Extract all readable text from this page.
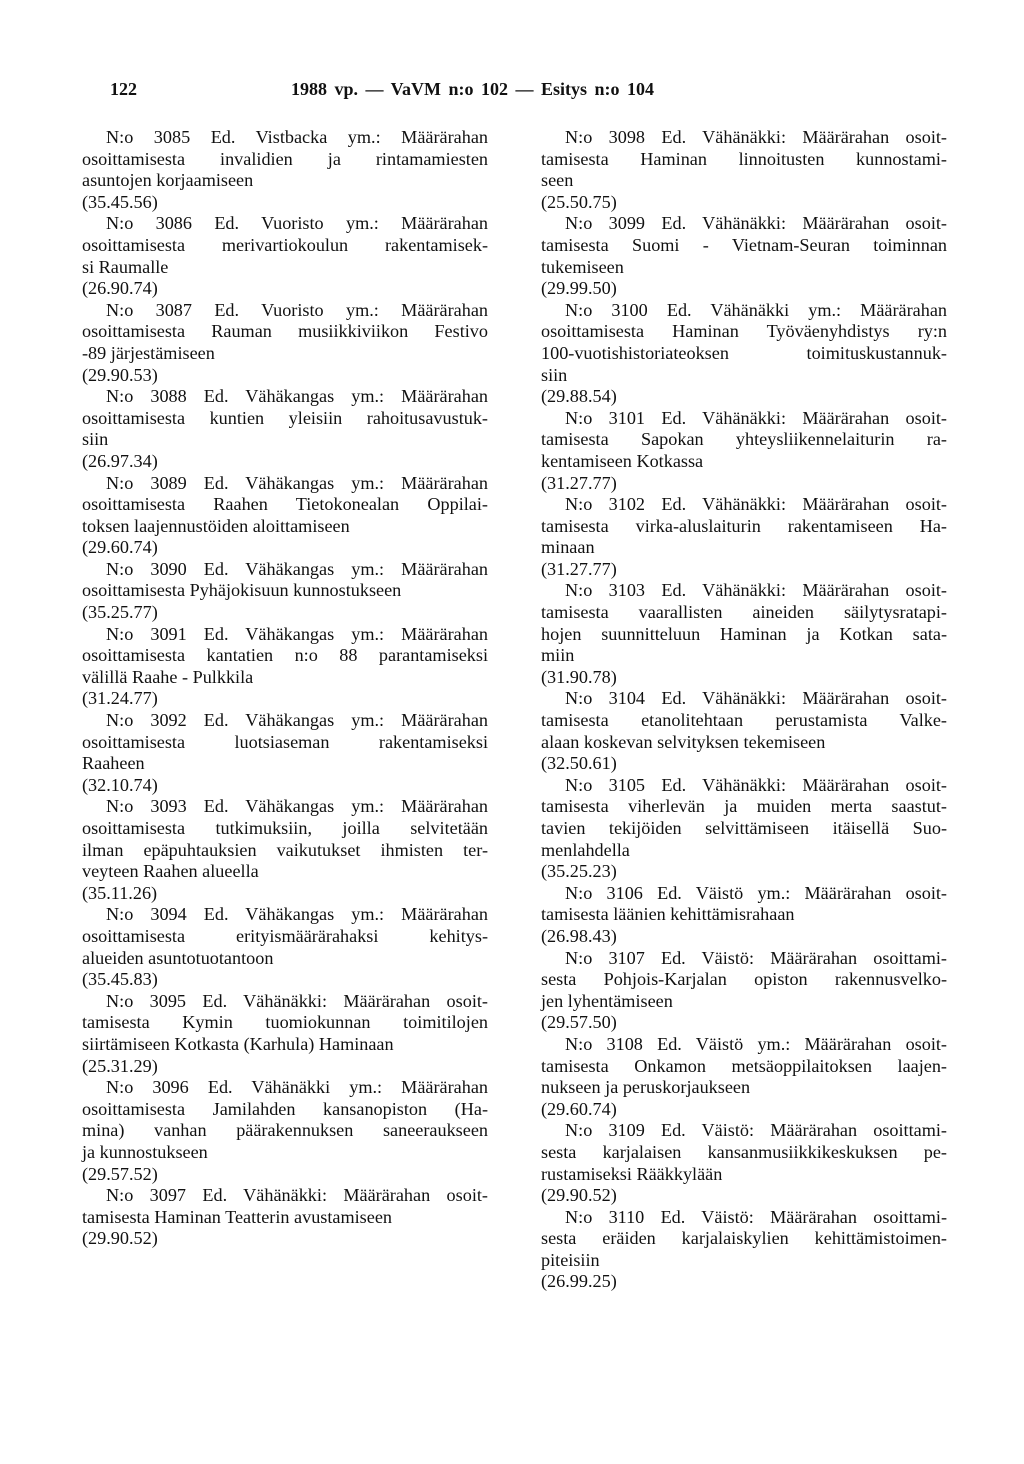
122	1988 vp. — VaVM n:o 102 — Esitys n:o 104
N:o 3085 Ed. Vistbacka ym.: Määrärahan
osoittamisesta invalidien ja rintamamiesten
asuntojen korjaamiseen
(35.45.56)
N:o 3086 Ed. Vuoristo ym.: Määrärahan
osoittamisesta merivartiokoulun rakentamisek-
si Raumalle
(26.90.74)
N:o 3087 Ed. Vuoristo ym.: Määrärahan
osoittamisesta Rauman musiikkiviikon Festivo
-89 järjestämiseen
(29.90.53)
N:o 3088 Ed. Vähäkangas ym.: Määrärahan
osoittamisesta kuntien yleisiin rahoitusavustuk-
siin
(26.97.34)
N:o 3089 Ed. Vähäkangas ym.: Määrärahan
osoittamisesta Raahen Tietokonealan Oppilai-
toksen laajennustöiden aloittamiseen
(29.60.74)
N:o 3090 Ed. Vähäkangas ym.: Määrärahan
osoittamisesta Pyhäjokisuun kunnostukseen
(35.25.77)
N:o 3091 Ed. Vähäkangas ym.: Määrärahan
osoittamisesta kantatien n:o 88 parantamiseksi
välillä Raahe - Pulkkila
(31.24.77)
N:o 3092 Ed. Vähäkangas ym.: Määrärahan
osoittamisesta luotsiaseman rakentamiseksi
Raaheen
(32.10.74)
N:o 3093 Ed. Vähäkangas ym.: Määrärahan
osoittamisesta tutkimuksiin, joilla selvitetään
ilman epäpuhtauksien vaikutukset ihmisten ter-
veyteen Raahen alueella
(35.11.26)
N:o 3094 Ed. Vähäkangas ym.: Määrärahan
osoittamisesta erityismäärärahaksi kehitys-
alueiden asuntotuotantoon
(35.45.83)
N:o 3095 Ed. Vähänäkki: Määrärahan osoit-
tamisesta Kymin tuomiokunnan toimitilojen
siirtämiseen Kotkasta (Karhula) Haminaan
(25.31.29)
N:o 3096 Ed. Vähänäkki ym.: Määrärahan
osoittamisesta Jamilahden kansanopiston (Ha-
mina) vanhan päärakennuksen saneeraukseen
ja kunnostukseen
(29.57.52)
N:o 3097 Ed. Vähänäkki: Määrärahan osoit-
tamisesta Haminan Teatterin avustamiseen
(29.90.52)
N:o 3098 Ed. Vähänäkki: Määrärahan osoit-
tamisesta Haminan linnoitusten kunnostami-
seen
(25.50.75)
N:o 3099 Ed. Vähänäkki: Määrärahan osoit-
tamisesta Suomi - Vietnam-Seuran toiminnan
tukemiseen
(29.99.50)
N:o 3100 Ed. Vähänäkki ym.: Määrärahan
osoittamisesta Haminan Työväenyhdistys ry:n
100-vuotishistoriateoksen toimituskustannuk-
siin
(29.88.54)
N:o 3101 Ed. Vähänäkki: Määrärahan osoit-
tamisesta Sapokan yhteysliikennelaiturin ra-
kentamiseen Kotkassa
(31.27.77)
N:o 3102 Ed. Vähänäkki: Määrärahan osoit-
tamisesta virka-aluslaiturin rakentamiseen Ha-
minaan
(31.27.77)
N:o 3103 Ed. Vähänäkki: Määrärahan osoit-
tamisesta vaarallisten aineiden säilytysratapi-
hojen suunnitteluun Haminan ja Kotkan sata-
miin
(31.90.78)
N:o 3104 Ed. Vähänäkki: Määrärahan osoit-
tamisesta etanolitehtaan perustamista Valke-
alaan koskevan selvityksen tekemiseen
(32.50.61)
N:o 3105 Ed. Vähänäkki: Määrärahan osoit-
tamisesta viherlevän ja muiden merta saastut-
tavien tekijöiden selvittämiseen itäisellä Suo-
menlahdella
(35.25.23)
N:o 3106 Ed. Väistö ym.: Määrärahan osoit-
tamisesta läänien kehittämisrahaan
(26.98.43)
N:o 3107 Ed. Väistö: Määrärahan osoittami-
sesta Pohjois-Karjalan opiston rakennusvelko-
jen lyhentämiseen
(29.57.50)
N:o 3108 Ed. Väistö ym.: Määrärahan osoit-
tamisesta Onkamon metsäoppilaitoksen laajen-
nukseen ja peruskorjaukseen
(29.60.74)
N:o 3109 Ed. Väistö: Määrärahan osoittami-
sesta karjalaisen kansanmusiikkikeskuksen pe-
rustamiseksi Rääkkylään
(29.90.52)
N:o 3110 Ed. Väistö: Määrärahan osoittami-
sesta eräiden karjalaiskylien kehittämistoimen-
piteisiin
(26.99.25)
